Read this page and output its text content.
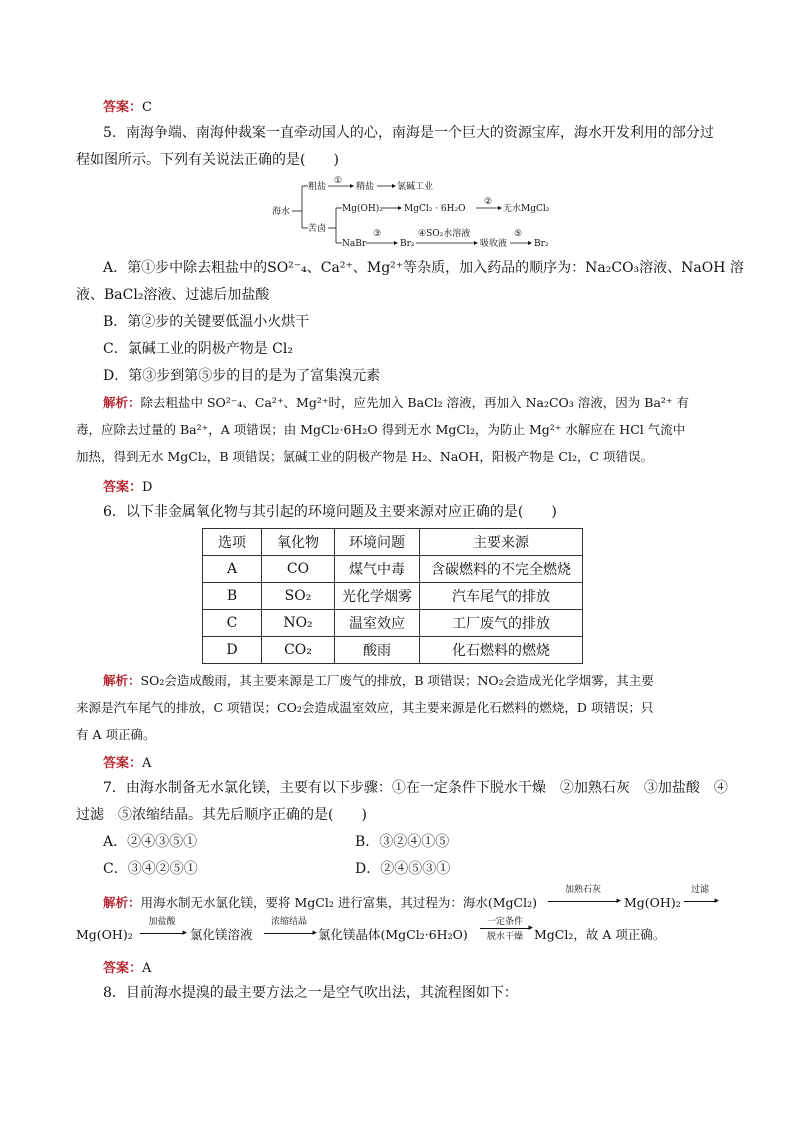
答案：C
5．南海争端、南海仲裁案一直牵动国人的心，南海是一个巨大的资源宝库，海水开发利用的部分过
程如图所示。下列有关说法正确的是(　　)
海水
粗盐
①
精盐	氯碱工业
苦卤
Mg(OH)₂ MgCl₂ · 6H₂O
②
无水MgCl₂
NaBr
③
Br₂
④SO₂水溶液
吸收液
⑤
Br₂
A．第①步中除去粗盐中的SO²⁻₄、Ca²⁺、Mg²⁺等杂质，加入药品的顺序为：Na₂CO₃溶液、NaOH 溶
液、BaCl₂溶液、过滤后加盐酸
B．第②步的关键要低温小火烘干
C．氯碱工业的阴极产物是 Cl₂
D．第③步到第⑤步的目的是为了富集溴元素
解析：除去粗盐中 SO²⁻₄、Ca²⁺、Mg²⁺时，应先加入 BaCl₂ 溶液，再加入 Na₂CO₃ 溶液，因为 Ba²⁺ 有
毒，应除去过量的 Ba²⁺，A 项错误；由 MgCl₂·6H₂O 得到无水 MgCl₂，为防止 Mg²⁺ 水解应在 HCl 气流中
加热，得到无水 MgCl₂，B 项错误；氯碱工业的阴极产物是 H₂、NaOH，阳极产物是 Cl₂，C 项错误。
答案：D
6．以下非金属氧化物与其引起的环境问题及主要来源对应正确的是(　　)
选项	氧化物	环境问题	主要来源
A	CO	煤气中毒	含碳燃料的不完全燃烧
B	SO₂	光化学烟雾	汽车尾气的排放
C	NO₂	温室效应	工厂废气的排放
D	CO₂	酸雨	化石燃料的燃烧
解析：SO₂会造成酸雨，其主要来源是工厂废气的排放，B 项错误；NO₂会造成光化学烟雾，其主要
来源是汽车尾气的排放，C 项错误；CO₂会造成温室效应，其主要来源是化石燃料的燃烧，D 项错误；只
有 A 项正确。
答案：A
7．由海水制备无水氯化镁，主要有以下步骤：①在一定条件下脱水干燥　②加熟石灰　③加盐酸　④
过滤　⑤浓缩结晶。其先后顺序正确的是(　　)
A．②④③⑤①	B．③②④①⑤
C．③④②⑤①	D．②④⑤③①
解析：用海水制无水氯化镁，要将 MgCl₂ 进行富集，其过程为：海水(MgCl₂)
加熟石灰
▸ Mg(OH)₂
过滤
▸
Mg(OH)₂
加盐酸
▸ 氯化镁溶液
浓缩结晶
▸ 氯化镁晶体(MgCl₂·6H₂O)
一定条件
▸
脱水干燥 MgCl₂，故 A 项正确。
答案：A
8．目前海水提溴的最主要方法之一是空气吹出法，其流程图如下：
